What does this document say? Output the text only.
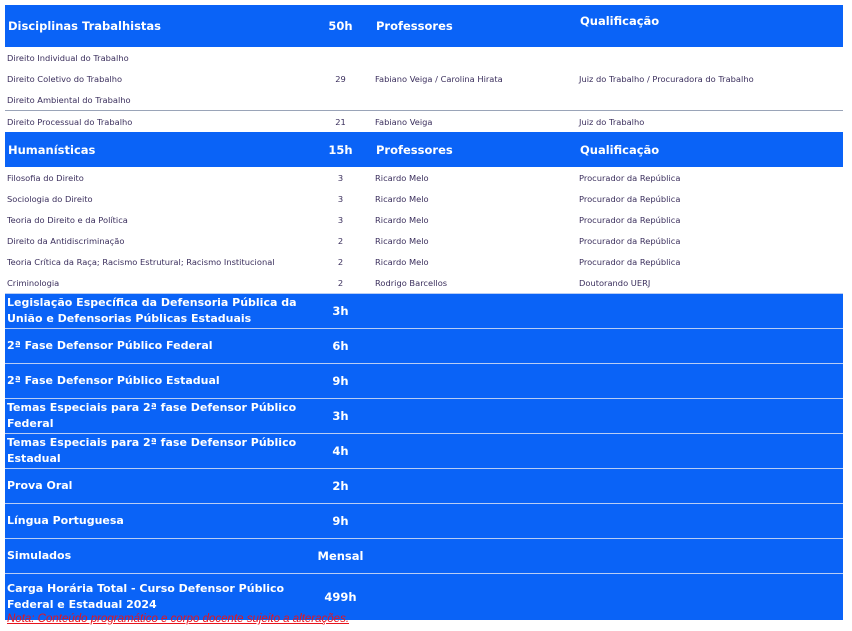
Disciplinas Trabalhistas	50h	Professores	Qualificação
Direito Individual do Trabalho			
Direito Coletivo do Trabalho	29	Fabiano Veiga / Carolina Hirata	Juiz do Trabalho / Procuradora do Trabalho
Direito Ambiental do Trabalho			
Direito Processual do Trabalho	21	Fabiano Veiga	Juiz do Trabalho
Humanísticas	15h	Professores	Qualificação
Filosofia do Direito	3	Ricardo Melo	Procurador da República
Sociologia do Direito	3	Ricardo Melo	Procurador da República
Teoria do Direito e da Política	3	Ricardo Melo	Procurador da República
Direito da Antidiscriminação	2	Ricardo Melo	Procurador da República
Teoria Crítica da Raça; Racismo Estrutural; Racismo Institucional	2	Ricardo Melo	Procurador da República
Criminologia	2	Rodrigo Barcellos	Doutorando UERJ
Legislação Específica da Defensoria Pública da União e Defensorias Públicas Estaduais	3h		
2ª Fase Defensor Público Federal	6h		
2ª Fase Defensor Público Estadual	9h		
Temas Especiais para 2ª fase Defensor Público Federal	3h		
Temas Especiais para 2ª fase Defensor Público Estadual	4h		
Prova Oral	2h		
Língua Portuguesa	9h		
Simulados	Mensal		
Carga Horária Total - Curso Defensor Público Federal e Estadual 2024	499h		
Nota: Conteúdo programático e corpo docente sujeito a alterações.
